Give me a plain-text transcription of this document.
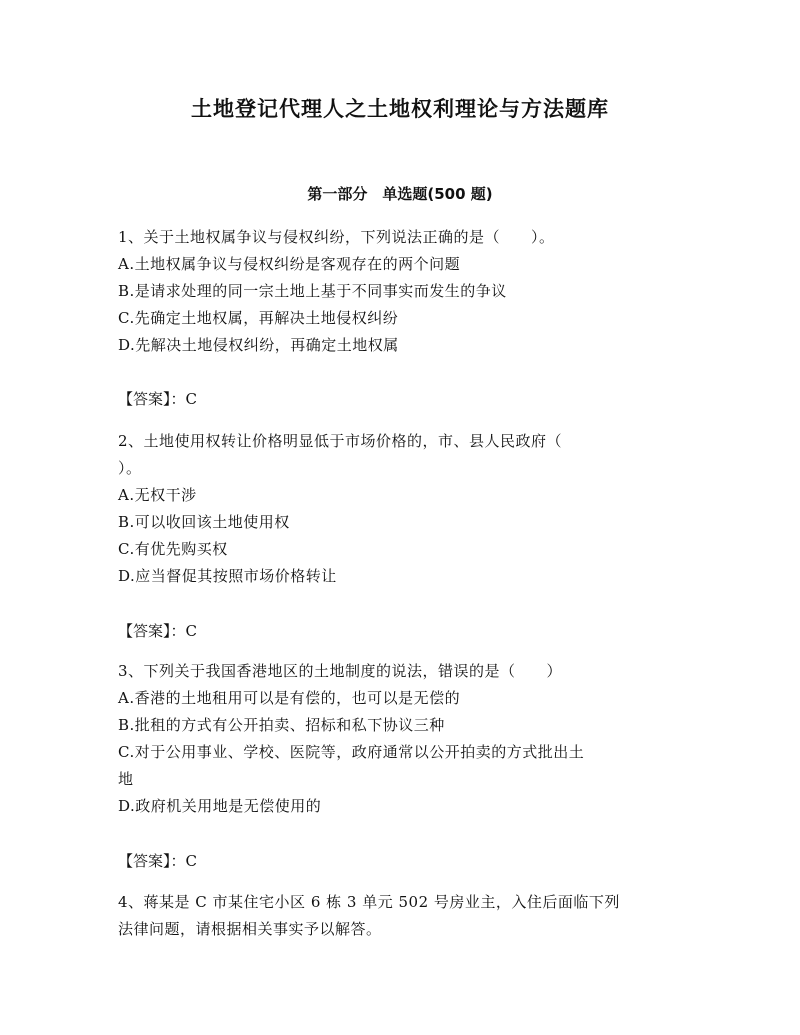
土地登记代理人之土地权利理论与方法题库
第一部分　单选题(500 题)
1、关于土地权属争议与侵权纠纷，下列说法正确的是（　　）。
A.土地权属争议与侵权纠纷是客观存在的两个问题
B.是请求处理的同一宗土地上基于不同事实而发生的争议
C.先确定土地权属，再解决土地侵权纠纷
D.先解决土地侵权纠纷，再确定土地权属
【答案】：C
2、土地使用权转让价格明显低于市场价格的，市、县人民政府（
）。
A.无权干涉
B.可以收回该土地使用权
C.有优先购买权
D.应当督促其按照市场价格转让
【答案】：C
3、下列关于我国香港地区的土地制度的说法，错误的是（　　）
A.香港的土地租用可以是有偿的，也可以是无偿的
B.批租的方式有公开拍卖、招标和私下协议三种
C.对于公用事业、学校、医院等，政府通常以公开拍卖的方式批出土
地
D.政府机关用地是无偿使用的
【答案】：C
4、蒋某是 C 市某住宅小区 6 栋 3 单元 502 号房业主，入住后面临下列
法律问题，请根据相关事实予以解答。
